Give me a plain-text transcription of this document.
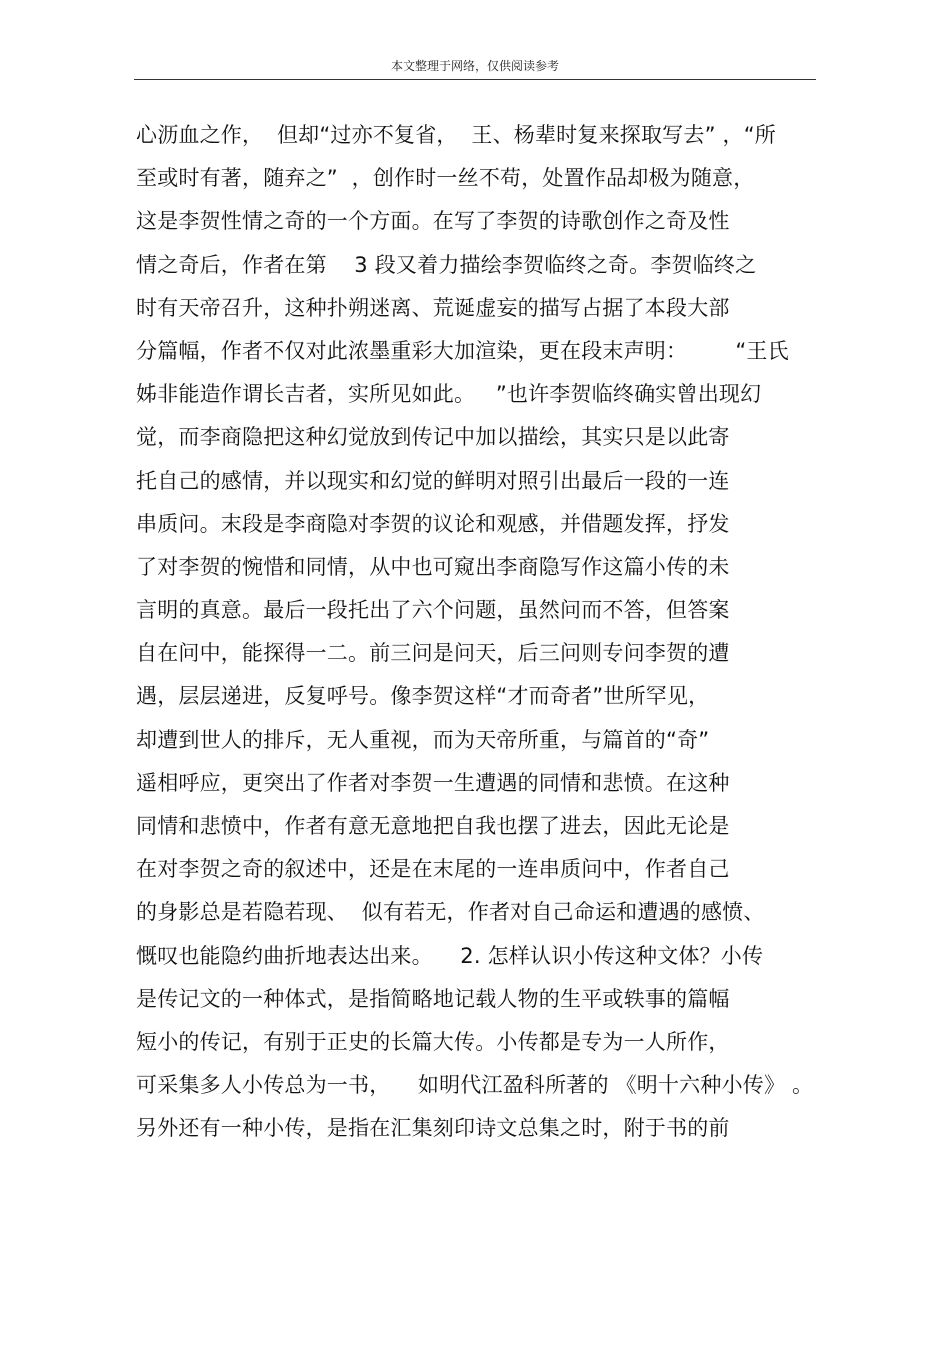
本文整理于网络，仅供阅读参考
心沥血之作，  但却“过亦不复省，  王、杨辈时复来探取写去” ，“所
至或时有著，随弃之”  ，创作时一丝不苟，处置作品却极为随意，
这是李贺性情之奇的一个方面。在写了李贺的诗歌创作之奇及性
情之奇后，作者在第    3 段又着力描绘李贺临终之奇。李贺临终之
时有天帝召升，这种扑朔迷离、荒诞虚妄的描写占据了本段大部
分篇幅，作者不仅对此浓墨重彩大加渲染，更在段末声明：       “王氏
姊非能造作谓长吉者，实所见如此。   ”也许李贺临终确实曾出现幻
觉，而李商隐把这种幻觉放到传记中加以描绘，其实只是以此寄
托自己的感情，并以现实和幻觉的鲜明对照引出最后一段的一连
串质问。末段是李商隐对李贺的议论和观感，并借题发挥，抒发
了对李贺的惋惜和同情，从中也可窥出李商隐写作这篇小传的未
言明的真意。最后一段托出了六个问题，虽然问而不答，但答案
自在问中，能探得一二。前三问是问天，后三问则专问李贺的遭
遇，层层递进，反复呼号。像李贺这样“才而奇者”世所罕见，
却遭到世人的排斥，无人重视，而为天帝所重，与篇首的“奇”
遥相呼应，更突出了作者对李贺一生遭遇的同情和悲愤。在这种
同情和悲愤中，作者有意无意地把自我也摆了进去，因此无论是
在对李贺之奇的叙述中，还是在末尾的一连串质问中，作者自己
的身影总是若隐若现、  似有若无，作者对自己命运和遭遇的感愤、
慨叹也能隐约曲折地表达出来。    2. 怎样认识小传这种文体？小传
是传记文的一种体式，是指简略地记载人物的生平或轶事的篇幅
短小的传记，有别于正史的长篇大传。小传都是专为一人所作，
可采集多人小传总为一书，    如明代江盈科所著的 《明十六种小传》 。
另外还有一种小传，是指在汇集刻印诗文总集之时，附于书的前
